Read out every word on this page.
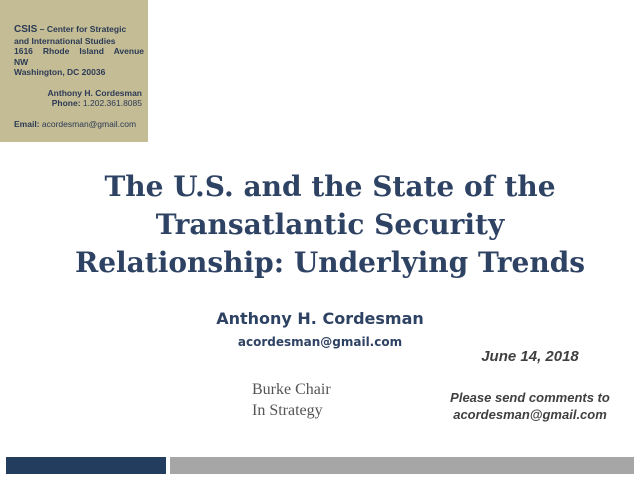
CSIS – Center for Strategic
and International Studies
1616 Rhode Island Avenue
NW
Washington, DC 20036
Anthony H. Cordesman
Phone: 1.202.361.8085
Email: acordesman@gmail.com
The U.S. and the State of the
Transatlantic Security
Relationship: Underlying Trends
Anthony H. Cordesman
acordesman@gmail.com
June 14, 2018
Burke Chair
In Strategy
Please send comments to
acordesman@gmail.com
